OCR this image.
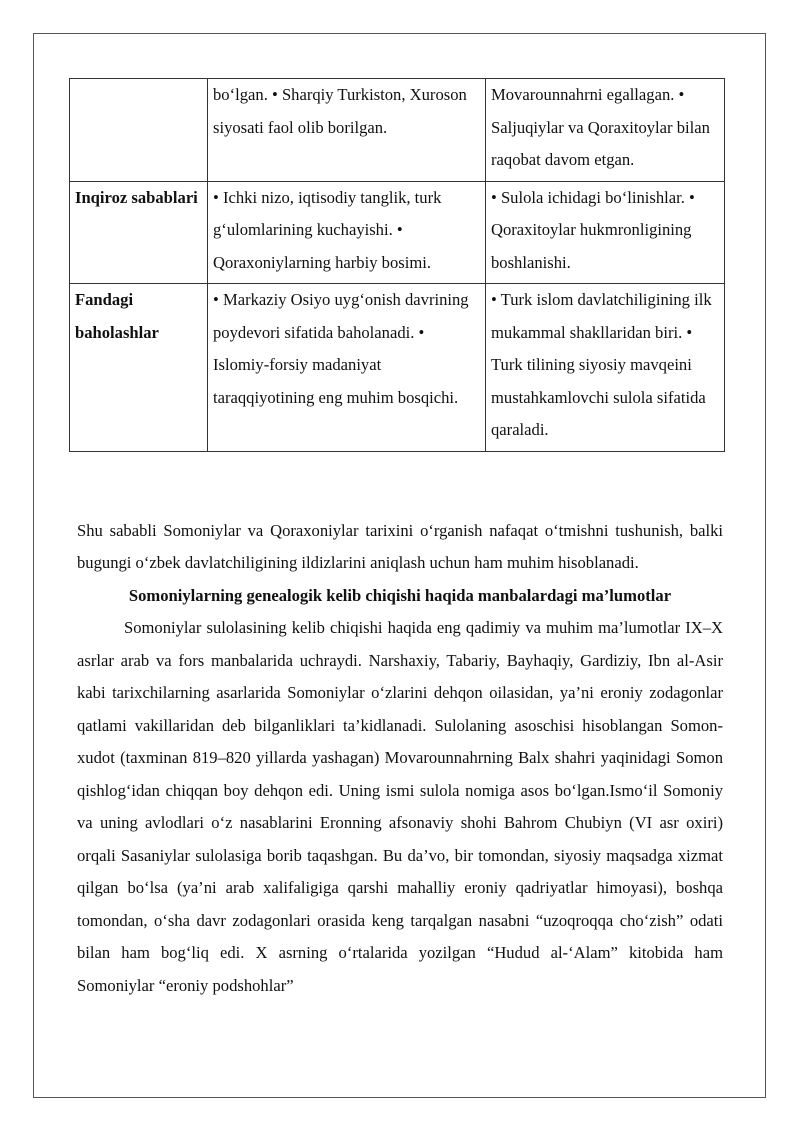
	bo‘lgan. • Sharqiy Turkiston, Xuroson siyosati faol olib borilgan.	Movarounnahrni egallagan. • Saljuqiylar va Qoraxitoylar bilan raqobat davom etgan.
Inqiroz sabablari	• Ichki nizo, iqtisodiy tanglik, turk g‘ulomlarining kuchayishi. • Qoraxoniylarning harbiy bosimi.	• Sulola ichidagi bo‘linishlar. • Qoraxitoylar hukmronligining boshlanishi.
Fandagi baholashlar	• Markaziy Osiyo uyg‘onish davrining poydevori sifatida baholanadi. • Islomiy-forsiy madaniyat taraqqiyotining eng muhim bosqichi.	• Turk islom davlatchiligining ilk mukammal shakllaridan biri. • Turk tilining siyosiy mavqeini mustahkamlovchi sulola sifatida qaraladi.

Shu sababli Somoniylar va Qoraxoniylar tarixini o‘rganish nafaqat o‘tmishni tushunish, balki bugungi o‘zbek davlatchiligining ildizlarini aniqlash uchun ham muhim hisoblanadi.

Somoniylarning genealogik kelib chiqishi haqida manbalardagi ma’lumotlar

Somoniylar sulolasining kelib chiqishi haqida eng qadimiy va muhim ma’lumotlar IX–X asrlar arab va fors manbalarida uchraydi. Narshaxiy, Tabariy, Bayhaqiy, Gardiziy, Ibn al-Asir kabi tarixchilarning asarlarida Somoniylar o‘zlarini dehqon oilasidan, ya’ni eroniy zodagonlar qatlami vakillaridan deb bilganliklari ta’kidlanadi. Sulolaning asoschisi hisoblangan Somon-xudot (taxminan 819–820 yillarda yashagan) Movarounnahrning Balx shahri yaqinidagi Somon qishlog‘idan chiqqan boy dehqon edi. Uning ismi sulola nomiga asos bo‘lgan.Ismo‘il Somoniy va uning avlodlari o‘z nasablarini Eronning afsonaviy shohi Bahrom Chubiyn (VI asr oxiri) orqali Sasaniylar sulolasiga borib taqashgan. Bu da’vo, bir tomondan, siyosiy maqsadga xizmat qilgan bo‘lsa (ya’ni arab xalifaligiga qarshi mahalliy eroniy qadriyatlar himoyasi), boshqa tomondan, o‘sha davr zodagonlari orasida keng tarqalgan nasabni “uzoqroqqa cho‘zish” odati bilan ham bog‘liq edi. X asrning o‘rtalarida yozilgan “Hudud al-‘Alam” kitobida ham Somoniylar “eroniy podshohlar”
